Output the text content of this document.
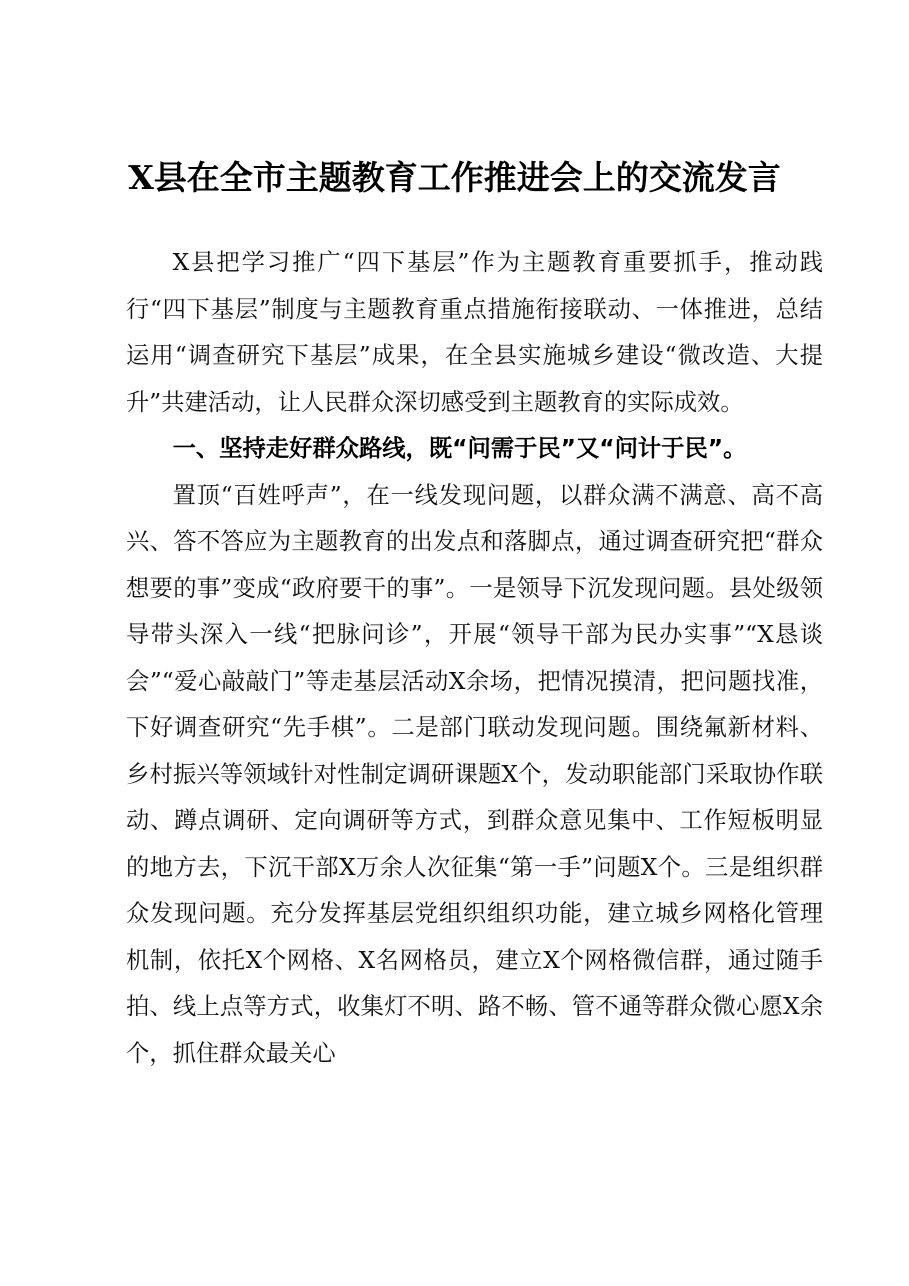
X县在全市主题教育工作推进会上的交流发言

X县把学习推广“四下基层”作为主题教育重要抓手，推动践行“四下基层”制度与主题教育重点措施衔接联动、一体推进，总结运用“调查研究下基层”成果，在全县实施城乡建设“微改造、大提升”共建活动，让人民群众深切感受到主题教育的实际成效。

一、坚持走好群众路线，既“问需于民”又“问计于民”。

置顶“百姓呼声”，在一线发现问题，以群众满不满意、高不高兴、答不答应为主题教育的出发点和落脚点，通过调查研究把“群众想要的事”变成“政府要干的事”。一是领导下沉发现问题。县处级领导带头深入一线“把脉问诊”，开展“领导干部为民办实事”“X恳谈会”“爱心敲敲门”等走基层活动X余场，把情况摸清，把问题找准，下好调查研究“先手棋”。二是部门联动发现问题。围绕氟新材料、乡村振兴等领域针对性制定调研课题X个，发动职能部门采取协作联动、蹲点调研、定向调研等方式，到群众意见集中、工作短板明显的地方去，下沉干部X万余人次征集“第一手”问题X个。三是组织群众发现问题。充分发挥基层党组织组织功能，建立城乡网格化管理机制，依托X个网格、X名网格员，建立X个网格微信群，通过随手拍、线上点等方式，收集灯不明、路不畅、管不通等群众微心愿X余个，抓住群众最关心
